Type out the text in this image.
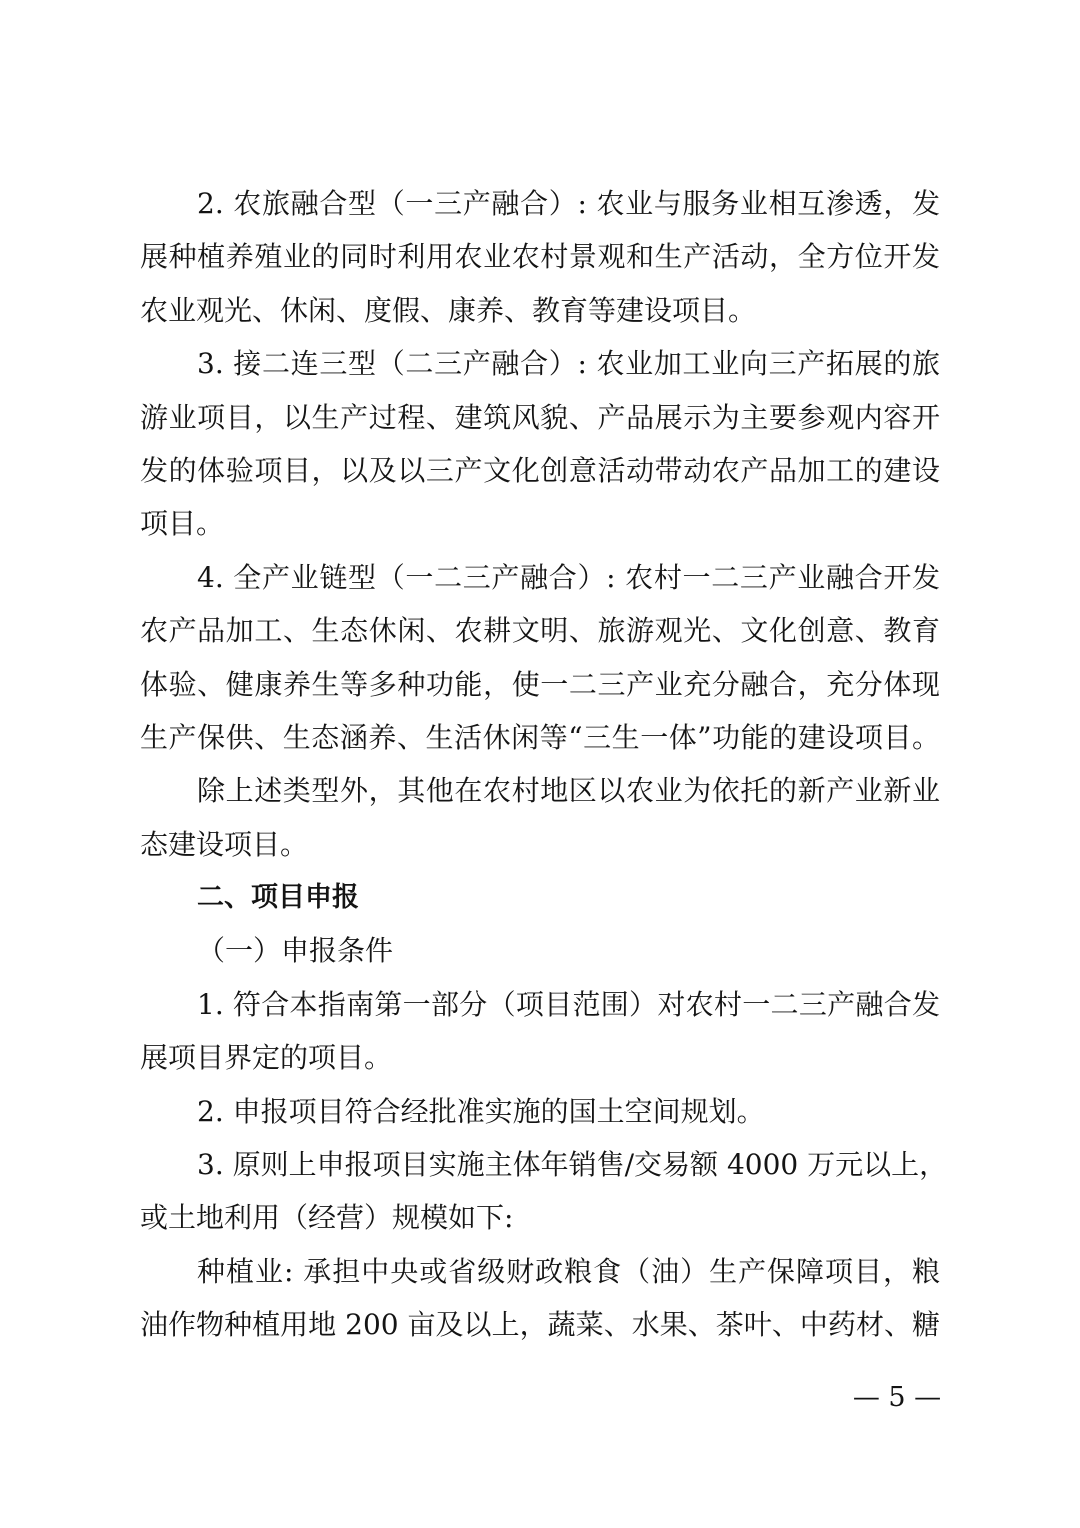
2. 农旅融合型（一三产融合）: 农业与服务业相互渗透，发
展种植养殖业的同时利用农业农村景观和生产活动，全方位开发
农业观光、休闲、度假、康养、教育等建设项目。
3. 接二连三型（二三产融合）: 农业加工业向三产拓展的旅
游业项目，以生产过程、建筑风貌、产品展示为主要参观内容开
发的体验项目，以及以三产文化创意活动带动农产品加工的建设
项目。
4. 全产业链型（一二三产融合）: 农村一二三产业融合开发
农产品加工、生态休闲、农耕文明、旅游观光、文化创意、教育
体验、健康养生等多种功能，使一二三产业充分融合，充分体现
生产保供、生态涵养、生活休闲等“三生一体”功能的建设项目。
除上述类型外，其他在农村地区以农业为依托的新产业新业
态建设项目。
二、项目申报
（一）申报条件
1. 符合本指南第一部分（项目范围）对农村一二三产融合发
展项目界定的项目。
2. 申报项目符合经批准实施的国土空间规划。
3. 原则上申报项目实施主体年销售/交易额 4000 万元以上，
或土地利用（经营）规模如下:
种植业: 承担中央或省级财政粮食（油）生产保障项目，粮
油作物种植用地 200 亩及以上，蔬菜、水果、茶叶、中药材、糖
— 5 —
